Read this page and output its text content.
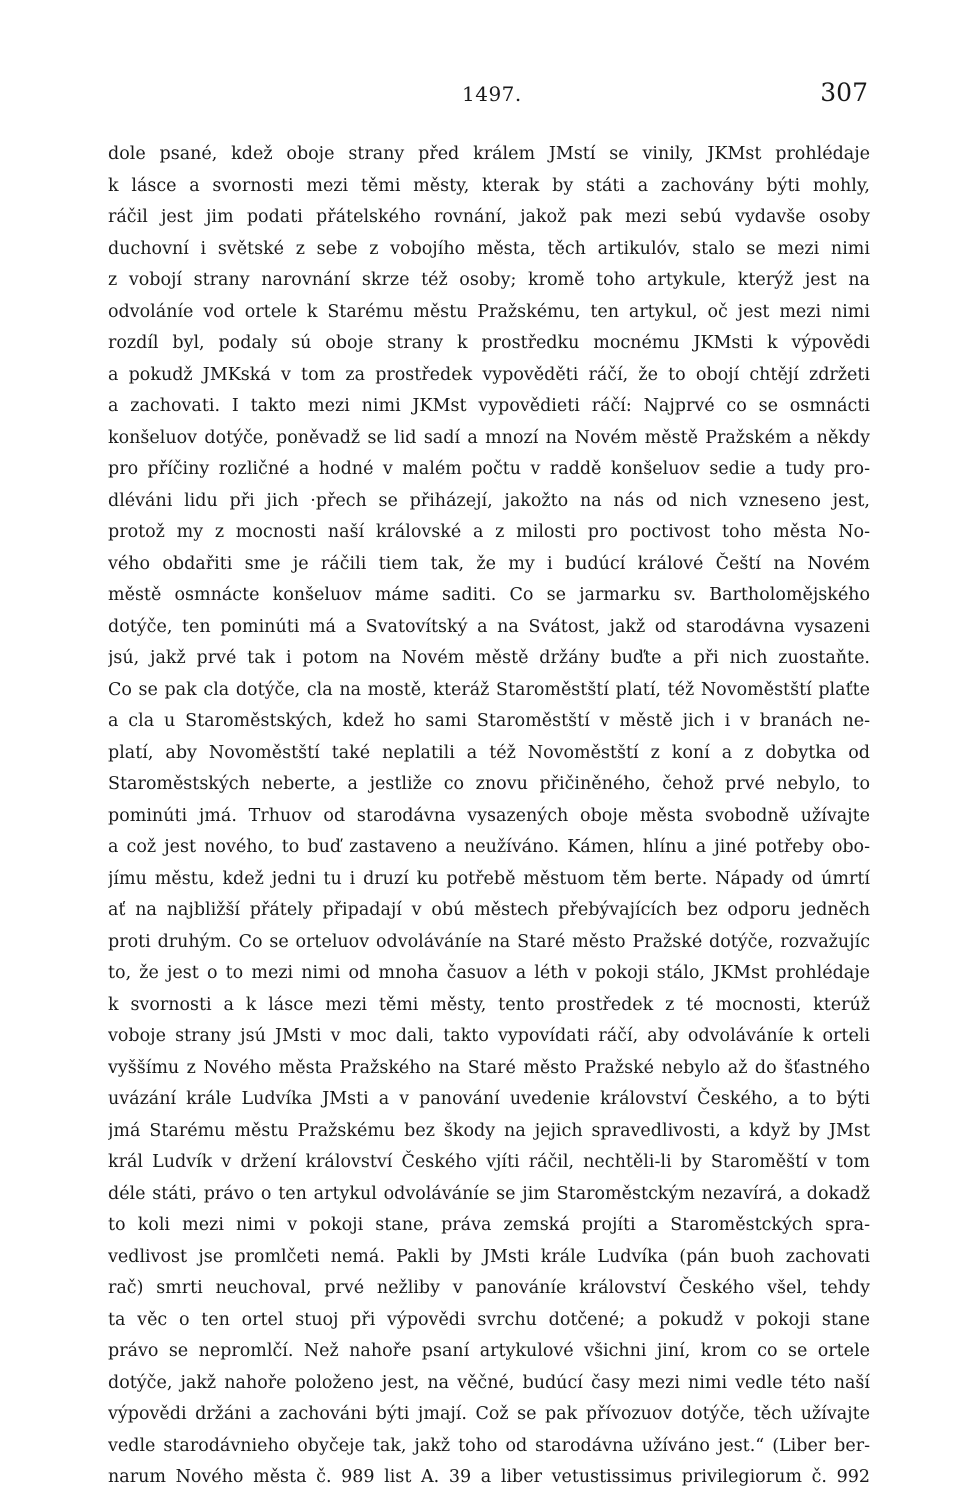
1497.	307
dole psané, kdež oboje strany před králem JMstí se vinily, JKMst prohlédaje
k lásce a svornosti mezi těmi městy, kterak by státi a zachovány býti mohly,
ráčil jest jim podati přátelského rovnání, jakož pak mezi sebú vydavše osoby
duchovní i světské z sebe z vobojího města, těch artikulóv, stalo se mezi nimi
z vobojí strany narovnání skrze též osoby; kromě toho artykule, kterýž jest na
odvoláníe vod ortele k Starému městu Pražskému, ten artykul, oč jest mezi nimi
rozdíl byl, podaly sú oboje strany k prostředku mocnému JKMsti k výpovědi
a pokudž JMKská v tom za prostředek vypověděti ráčí, že to obojí chtějí zdržeti
a zachovati. I takto mezi nimi JKMst vypovědieti ráčí: Najprvé co se osmnácti
konšeluov dotýče, poněvadž se lid sadí a mnozí na Novém městě Pražském a někdy
pro příčiny rozličné a hodné v malém počtu v raddě konšeluov sedie a tudy pro-
dléváni lidu při jich ·přech se přiházejí, jakožto na nás od nich vzneseno jest,
protož my z mocnosti naší královské a z milosti pro poctivost toho města No-
vého obdařiti sme je ráčili tiem tak, že my i budúcí králové Čeští na Novém
městě osmnácte konšeluov máme saditi. Co se jarmarku sv. Bartholomějského
dotýče, ten pominúti má a Svatovítský a na Svátost, jakž od starodávna vysazeni
jsú, jakž prvé tak i potom na Novém městě držány buďte a při nich zuostaňte.
Co se pak cla dotýče, cla na mostě, kteráž Staroměstští platí, též Novoměstští plaťte
a cla u Staroměstských, kdež ho sami Staroměstští v městě jich i v branách ne-
platí, aby Novoměstští také neplatili a též Novoměstští z koní a z dobytka od
Staroměstských neberte, a jestliže co znovu přičiněného, čehož prvé nebylo, to
pominúti jmá. Trhuov od starodávna vysazených oboje města svobodně užívajte
a což jest nového, to buď zastaveno a neužíváno. Kámen, hlínu a jiné potřeby obo-
jímu městu, kdež jedni tu i druzí ku potřebě městuom těm berte. Nápady od úmrtí
ať na najbližší přátely připadají v obú městech přebývajících bez odporu jedněch
proti druhým. Co se orteluov odvoláváníe na Staré město Pražské dotýče, rozvažujíc
to, že jest o to mezi nimi od mnoha časuov a léth v pokoji stálo, JKMst prohlédaje
k svornosti a k lásce mezi těmi městy, tento prostředek z té mocnosti, kterúž
voboje strany jsú JMsti v moc dali, takto vypovídati ráčí, aby odvoláváníe k orteli
vyššímu z Nového města Pražského na Staré město Pražské nebylo až do šťastného
uvázání krále Ludvíka JMsti a v panování uvedenie království Českého, a to býti
jmá Starému městu Pražskému bez škody na jejich spravedlivosti, a když by JMst
král Ludvík v držení království Českého vjíti ráčil, nechtěli-li by Staroměští v tom
déle státi, právo o ten artykul odvoláváníe se jim Staroměstckým nezavírá, a dokadž
to koli mezi nimi v pokoji stane, práva zemská projíti a Staroměstckých spra-
vedlivost jse promlčeti nemá. Pakli by JMsti krále Ludvíka (pán buoh zachovati
rač) smrti neuchoval, prvé nežliby v panováníe království Českého všel, tehdy
ta věc o ten ortel stuoj při výpovědi svrchu dotčené; a pokudž v pokoji stane
právo se nepromlčí. Než nahoře psaní artykulové všichni jiní, krom co se ortele
dotýče, jakž nahoře položeno jest, na věčné, budúcí časy mezi nimi vedle této naší
výpovědi držáni a zachováni býti jmají. Což se pak přívozuov dotýče, těch užívajte
vedle starodávnieho obyčeje tak, jakž toho od starodávna užíváno jest.“ (Liber ber-
narum Nového města č. 989 list A. 39 a liber vetustissimus privilegiorum č. 992
